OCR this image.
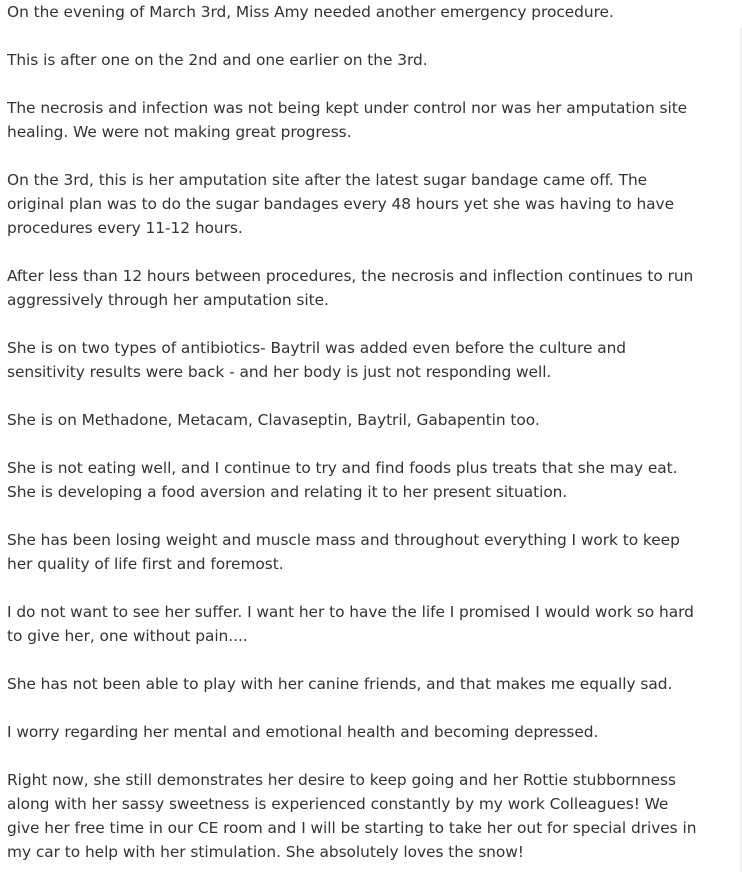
On the evening of March 3rd, Miss Amy needed another emergency procedure.

This is after one on the 2nd and one earlier on the 3rd.

The necrosis and infection was not being kept under control nor was her amputation site
healing. We were not making great progress.

On the 3rd, this is her amputation site after the latest sugar bandage came off. The
original plan was to do the sugar bandages every 48 hours yet she was having to have
procedures every 11-12 hours.

After less than 12 hours between procedures, the necrosis and inflection continues to run
aggressively through her amputation site.

She is on two types of antibiotics- Baytril was added even before the culture and
sensitivity results were back - and her body is just not responding well.

She is on Methadone, Metacam, Clavaseptin, Baytril, Gabapentin too.

She is not eating well, and I continue to try and find foods plus treats that she may eat.
She is developing a food aversion and relating it to her present situation.

She has been losing weight and muscle mass and throughout everything I work to keep
her quality of life first and foremost.

I do not want to see her suffer. I want her to have the life I promised I would work so hard
to give her, one without pain....

She has not been able to play with her canine friends, and that makes me equally sad.

I worry regarding her mental and emotional health and becoming depressed.

Right now, she still demonstrates her desire to keep going and her Rottie stubbornness
along with her sassy sweetness is experienced constantly by my work Colleagues! We
give her free time in our CE room and I will be starting to take her out for special drives in
my car to help with her stimulation. She absolutely loves the snow!
